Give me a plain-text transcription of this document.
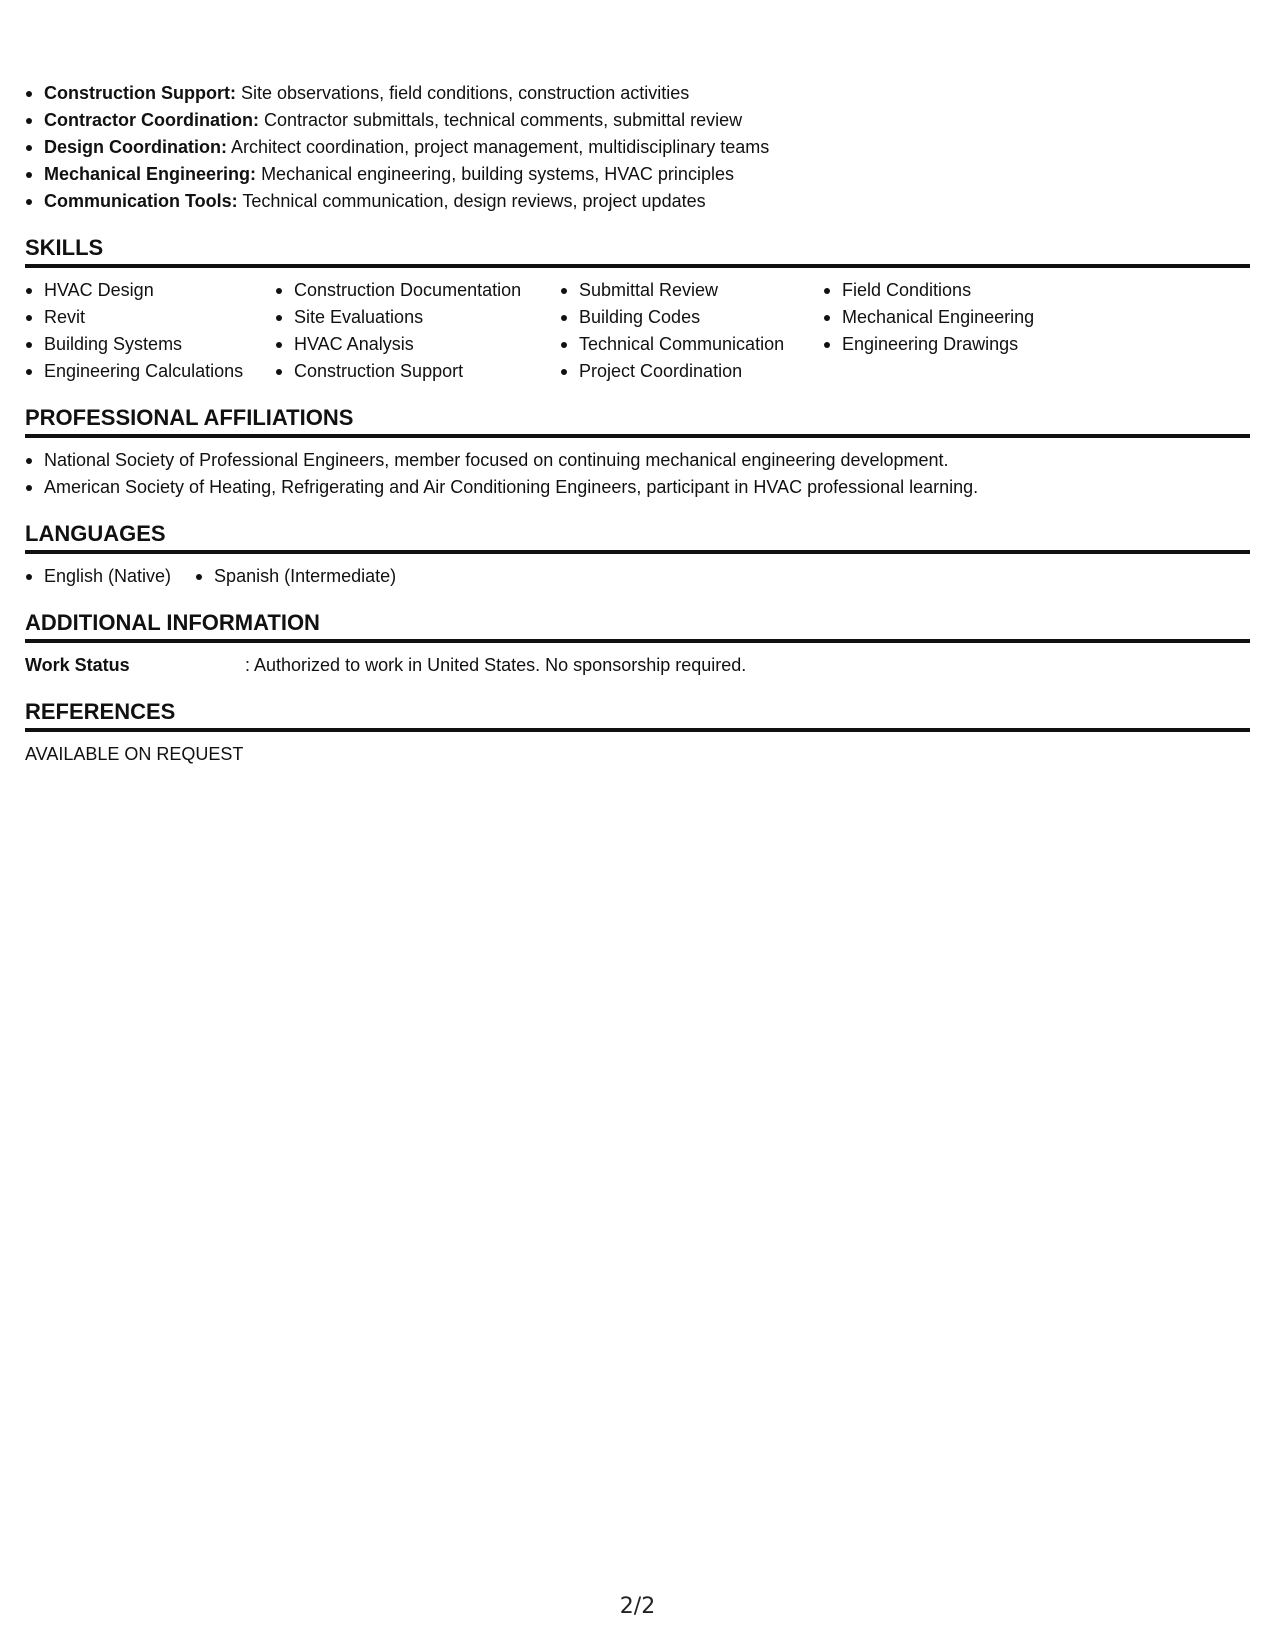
Construction Support: Site observations, field conditions, construction activities
Contractor Coordination: Contractor submittals, technical comments, submittal review
Design Coordination: Architect coordination, project management, multidisciplinary teams
Mechanical Engineering: Mechanical engineering, building systems, HVAC principles
Communication Tools: Technical communication, design reviews, project updates
SKILLS
HVAC Design
Revit
Building Systems
Engineering Calculations
Construction Documentation
Site Evaluations
HVAC Analysis
Construction Support
Submittal Review
Building Codes
Technical Communication
Project Coordination
Field Conditions
Mechanical Engineering
Engineering Drawings
PROFESSIONAL AFFILIATIONS
National Society of Professional Engineers, member focused on continuing mechanical engineering development.
American Society of Heating, Refrigerating and Air Conditioning Engineers, participant in HVAC professional learning.
LANGUAGES
English (Native)	Spanish (Intermediate)
ADDITIONAL INFORMATION
Work Status	: Authorized to work in United States. No sponsorship required.
REFERENCES
AVAILABLE ON REQUEST
2/2
